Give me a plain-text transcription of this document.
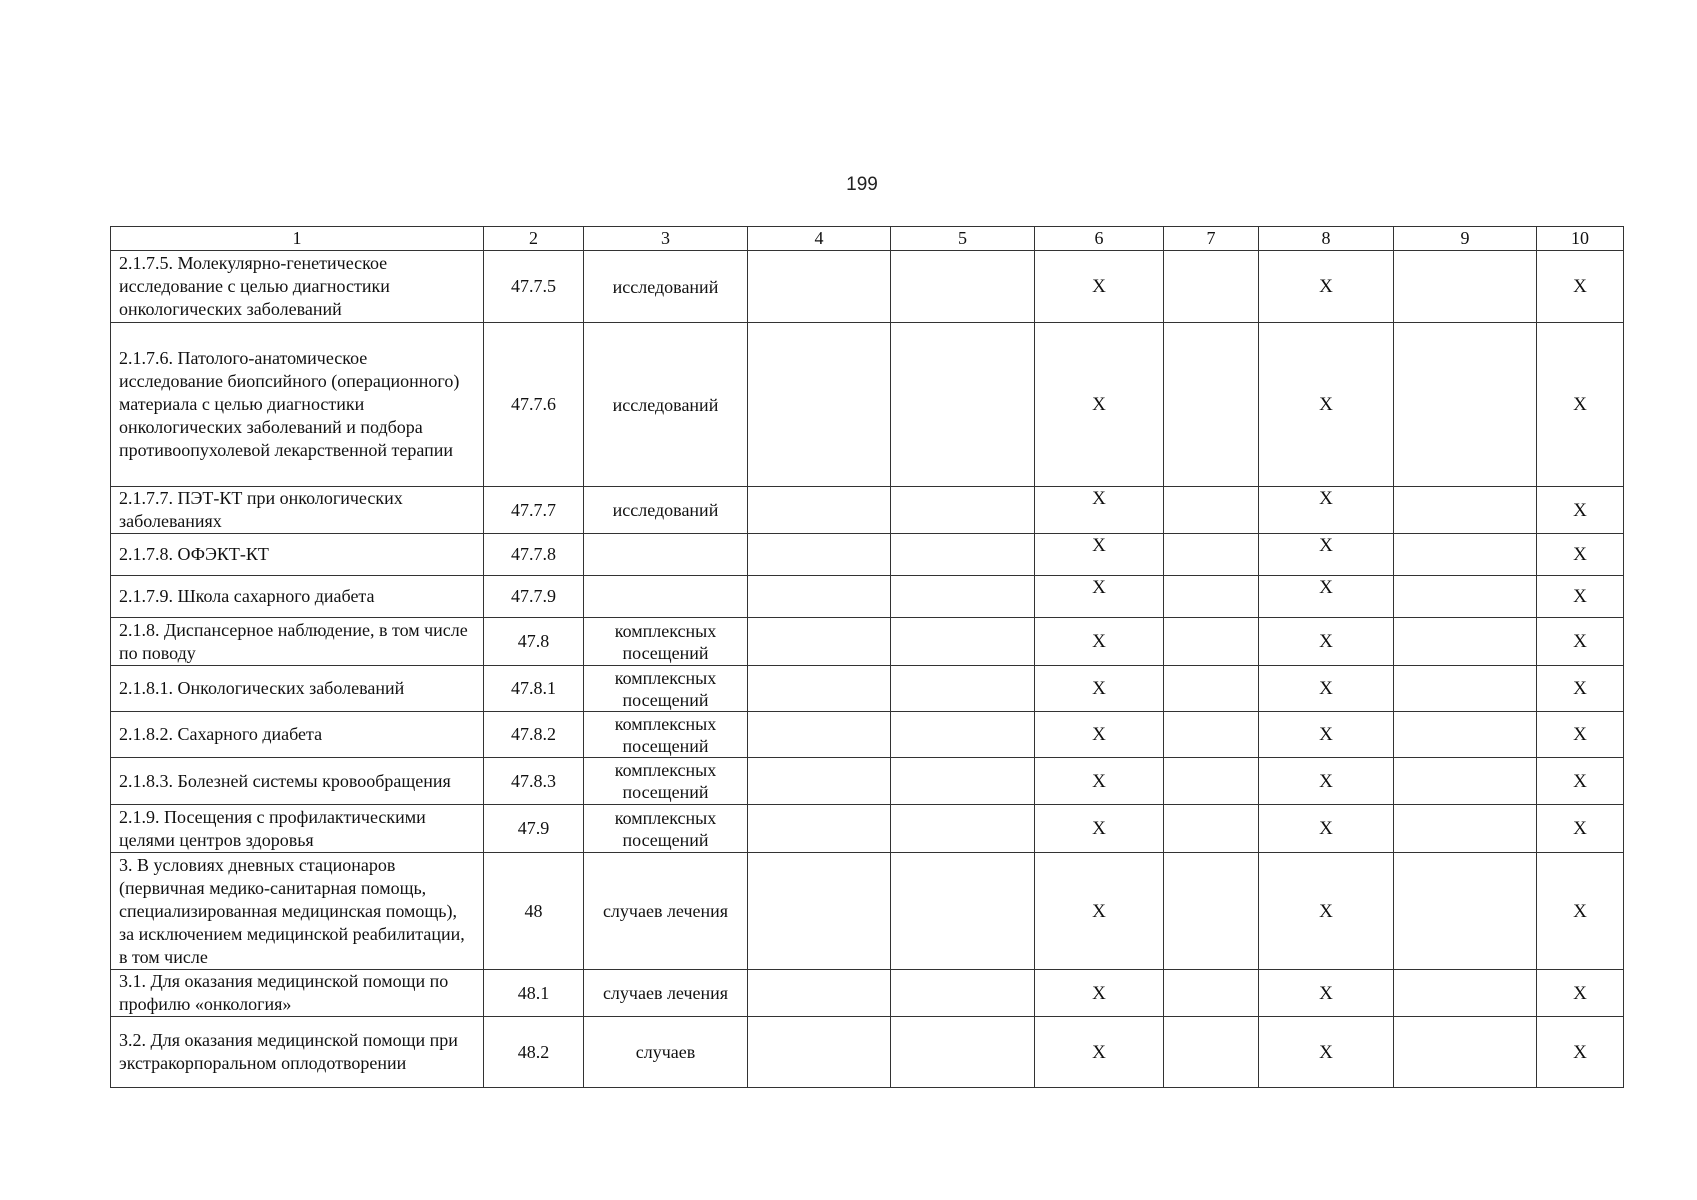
199
1	2	3	4	5	6	7	8	9	10
2.1.7.5. Молекулярно-генетическое исследование с целью диагностики онкологических заболеваний	47.7.5	исследований			Х		Х		Х
2.1.7.6. Патолого-анатомическое исследование биопсийного (операционного) материала с целью диагностики онкологических заболеваний и подбора противоопухолевой лекарственной терапии	47.7.6	исследований			Х		Х		Х
2.1.7.7. ПЭТ-КТ при онкологических заболеваниях	47.7.7	исследований			Х		Х		Х
2.1.7.8. ОФЭКТ-КТ	47.7.8				Х		Х		Х
2.1.7.9. Школа сахарного диабета	47.7.9				Х		Х		Х
2.1.8. Диспансерное наблюдение, в том числе по поводу	47.8	комплексных посещений			Х		Х		Х
2.1.8.1. Онкологических заболеваний	47.8.1	комплексных посещений			Х		Х		Х
2.1.8.2. Сахарного диабета	47.8.2	комплексных посещений			Х		Х		Х
2.1.8.3. Болезней системы кровообращения	47.8.3	комплексных посещений			Х		Х		Х
2.1.9. Посещения с профилактическими целями центров здоровья	47.9	комплексных посещений			Х		Х		Х
3. В условиях дневных стационаров (первичная медико-санитарная помощь, специализированная медицинская помощь), за исключением медицинской реабилитации, в том числе	48	случаев лечения			Х		Х		Х
3.1. Для оказания медицинской помощи по профилю «онкология»	48.1	случаев лечения			Х		Х		Х
3.2. Для оказания медицинской помощи при экстракорпоральном оплодотворении	48.2	случаев			Х		Х		Х
